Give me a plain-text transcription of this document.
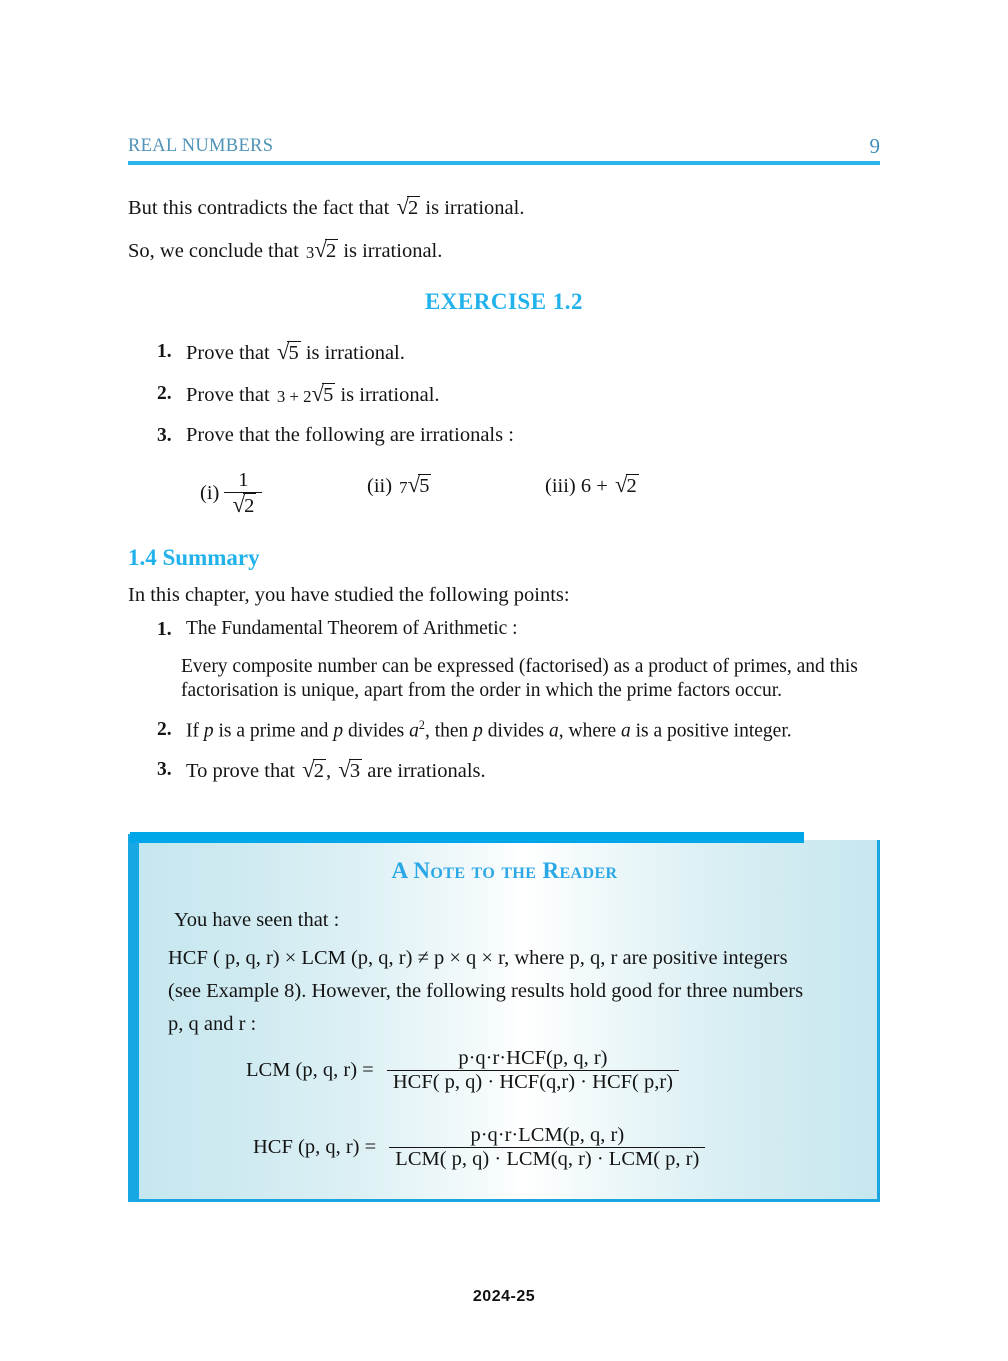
REAL NUMBERS	9
But this contradicts the fact that √2 is irrational.
So, we conclude that 3√2 is irrational.
EXERCISE 1.2
1. Prove that √5 is irrational.
2. Prove that 3 + 2√5 is irrational.
3. Prove that the following are irrationals :
$(i) \frac{1}{√2}$	(ii) 7√5	(iii) 6 + √2
1.4 Summary
In this chapter, you have studied the following points:
1. The Fundamental Theorem of Arithmetic :
Every composite number can be expressed (factorised) as a product of primes, and this
factorisation is unique, apart from the order in which the prime factors occur.
2. If p is a prime and p divides $a^2$, then p divides a, where a is a positive integer.
3. To prove that √2, √3 are irrationals.
A Note to the Reader
You have seen that :
HCF ( p, q, r) × LCM (p, q, r) ≠ p × q × r, where p, q, r are positive integers
(see Example 8). However, the following results hold good for three numbers
p, q and r :
LCM (p, q, $r) = \frac{\text{p·q·r·HCF(p, q, r)}}{\text{HCF( p, q) · HCF(q,r) · HCF( p,r)}}$
HCF (p, q, $r) = \frac{\text{p·q·r·LCM(p, q, r)}}{\text{LCM( p, q) · LCM(q, r) · LCM( p, r)}}$
2024-25
